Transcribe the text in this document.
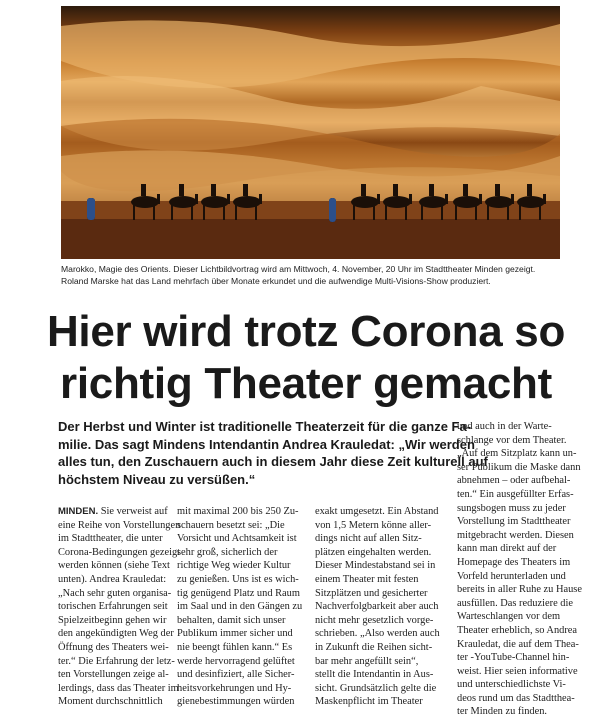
Marokko, Magie des Orients. Dieser Lichtbildvortrag wird am Mittwoch, 4. November, 20 Uhr im Stadttheater Minden gezeigt.
Roland Marske hat das Land mehrfach über Monate erkundet und die aufwendige Multi-Visions-Show produziert.
Hier wird trotz Corona so
richtig Theater gemacht
Der Herbst und Winter ist traditionelle Theaterzeit für die ganze Fa-
milie. Das sagt Mindens Intendantin Andrea Krauledat: „Wir werden
alles tun, den Zuschauern auch in diesem Jahr diese Zeit kulturell auf
höchstem Niveau zu versüßen.“
MINDEN. Sie verweist auf
eine Reihe von Vorstellungen
im Stadttheater, die unter
Corona-Bedingungen gezeigt
werden können (siehe Text
unten). Andrea Krauledat:
„Nach sehr guten organisa-
torischen Erfahrungen seit
Spielzeitbeginn gehen wir
den angekündigten Weg der
Öffnung des Theaters wei-
ter.“ Die Erfahrung der letz-
ten Vorstellungen zeige al-
lerdings, dass das Theater im
Moment durchschnittlich
mit maximal 200 bis 250 Zu-
schauern besetzt sei: „Die
Vorsicht und Achtsamkeit ist
sehr groß, sicherlich der
richtige Weg wieder Kultur
zu genießen. Uns ist es wich-
tig genügend Platz und Raum
im Saal und in den Gängen zu
behalten, damit sich unser
Publikum immer sicher und
nie beengt fühlen kann.“ Es
werde hervorragend gelüftet
und desinfiziert, alle Sicher-
heitsvorkehrungen und Hy-
gienebestimmungen würden
exakt umgesetzt. Ein Abstand
von 1,5 Metern könne aller-
dings nicht auf allen Sitz-
plätzen eingehalten werden.
Dieser Mindestabstand sei in
einem Theater mit festen
Sitzplätzen und gesicherter
Nachverfolgbarkeit aber auch
nicht mehr gesetzlich vorge-
schrieben. „Also werden auch
in Zukunft die Reihen sicht-
bar mehr angefüllt sein“,
stellt die Intendantin in Aus-
sicht. Grundsätzlich gelte die
Maskenpflicht im Theater
und auch in der Warte-
schlange vor dem Theater.
„Auf dem Sitzplatz kann un-
ser Publikum die Maske dann
abnehmen – oder aufbehal-
ten.“ Ein ausgefüllter Erfas-
sungsbogen muss zu jeder
Vorstellung im Stadttheater
mitgebracht werden. Diesen
kann man direkt auf der
Homepage des Theaters im
Vorfeld herunterladen und
bereits in aller Ruhe zu Hause
ausfüllen. Das reduziere die
Warteschlangen vor dem
Theater erheblich, so Andrea
Krauledat, die auf dem Thea-
ter -YouTube-Channel hin-
weist. Hier seien informative
und unterschiedlichste Vi-
deos rund um das Stadtthea-
ter Minden zu finden.
